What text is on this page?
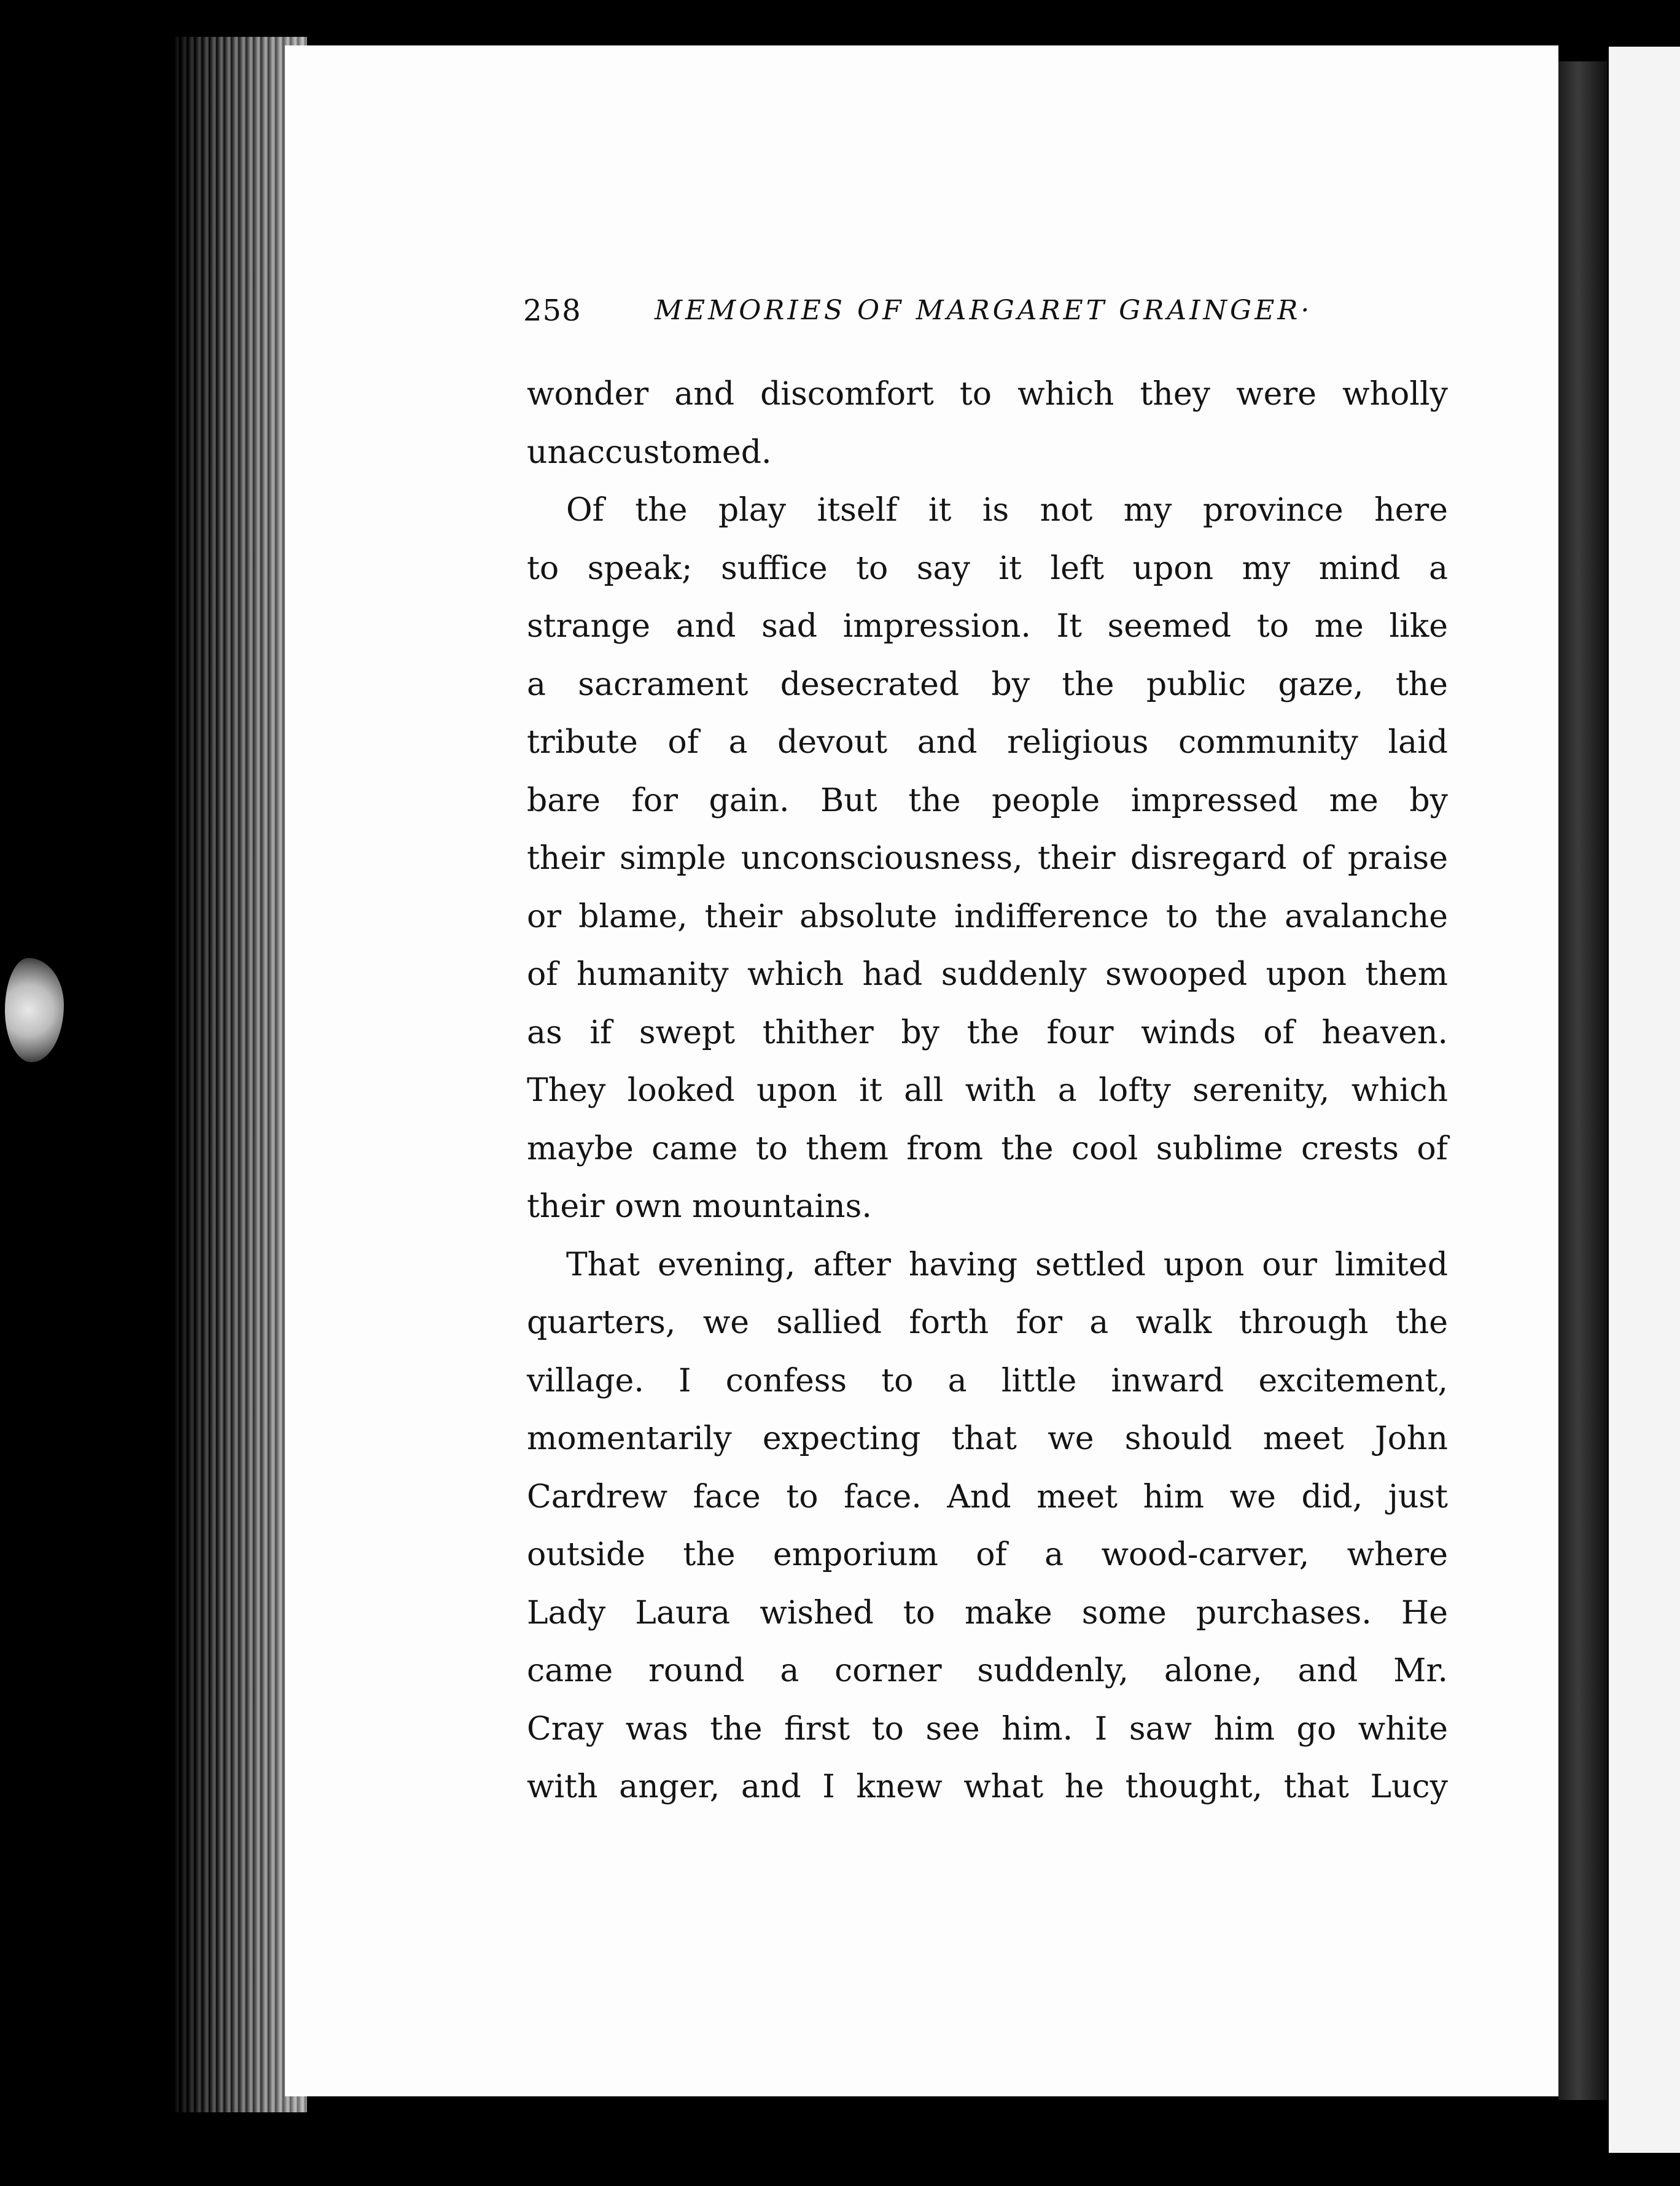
258	MEMORIES OF MARGARET GRAINGER·
wonder and discomfort to which they were wholly
unaccustomed.
Of the play itself it is not my province here
to speak; suffice to say it left upon my mind a
strange and sad impression. It seemed to me like
a sacrament desecrated by the public gaze, the
tribute of a devout and religious community laid
bare for gain. But the people impressed me by
their simple unconsciousness, their disregard of praise
or blame, their absolute indifference to the avalanche
of humanity which had suddenly swooped upon them
as if swept thither by the four winds of heaven.
They looked upon it all with a lofty serenity, which
maybe came to them from the cool sublime crests of
their own mountains.
That evening, after having settled upon our limited
quarters, we sallied forth for a walk through the
village. I confess to a little inward excitement,
momentarily expecting that we should meet John
Cardrew face to face. And meet him we did, just
outside the emporium of a wood-carver, where
Lady Laura wished to make some purchases. He
came round a corner suddenly, alone, and Mr.
Cray was the first to see him. I saw him go white
with anger, and I knew what he thought, that Lucy
